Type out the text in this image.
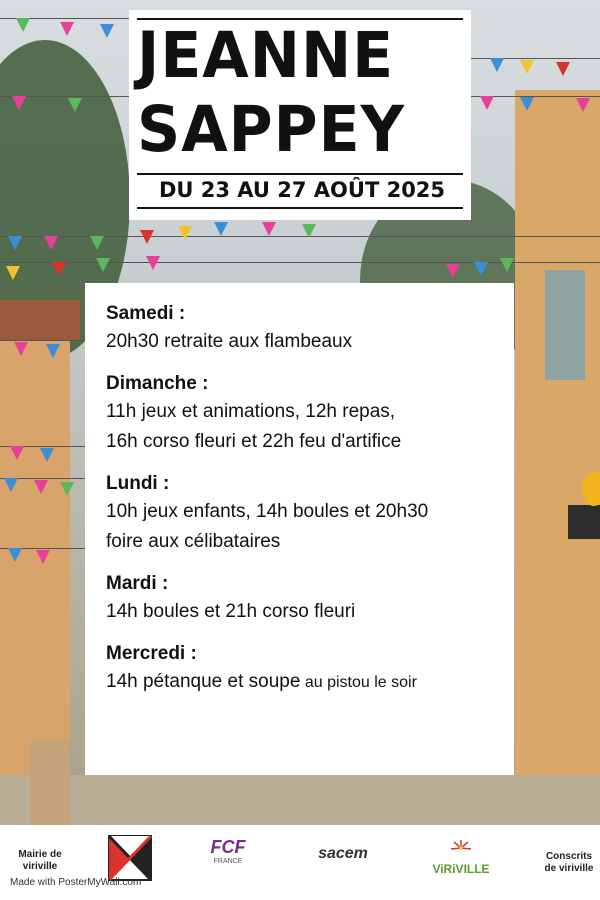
JEANNE
SAPPEY
DU 23 AU 27 AOÛT 2025
Samedi :
20h30 retraite aux flambeaux
Dimanche :
11h jeux et animations, 12h repas,
16h corso fleuri et 22h feu d'artifice
Lundi :
10h jeux enfants, 14h boules et 20h30
foire aux célibataires
Mardi :
14h boules et 21h corso fleuri
Mercredi :
14h pétanque et soupe au pistou le soir
Mairie de viriville
FCF
FRANCE	sacem
ViRiVILLE
Conscrits de viriville
Made with PosterMyWall.com
